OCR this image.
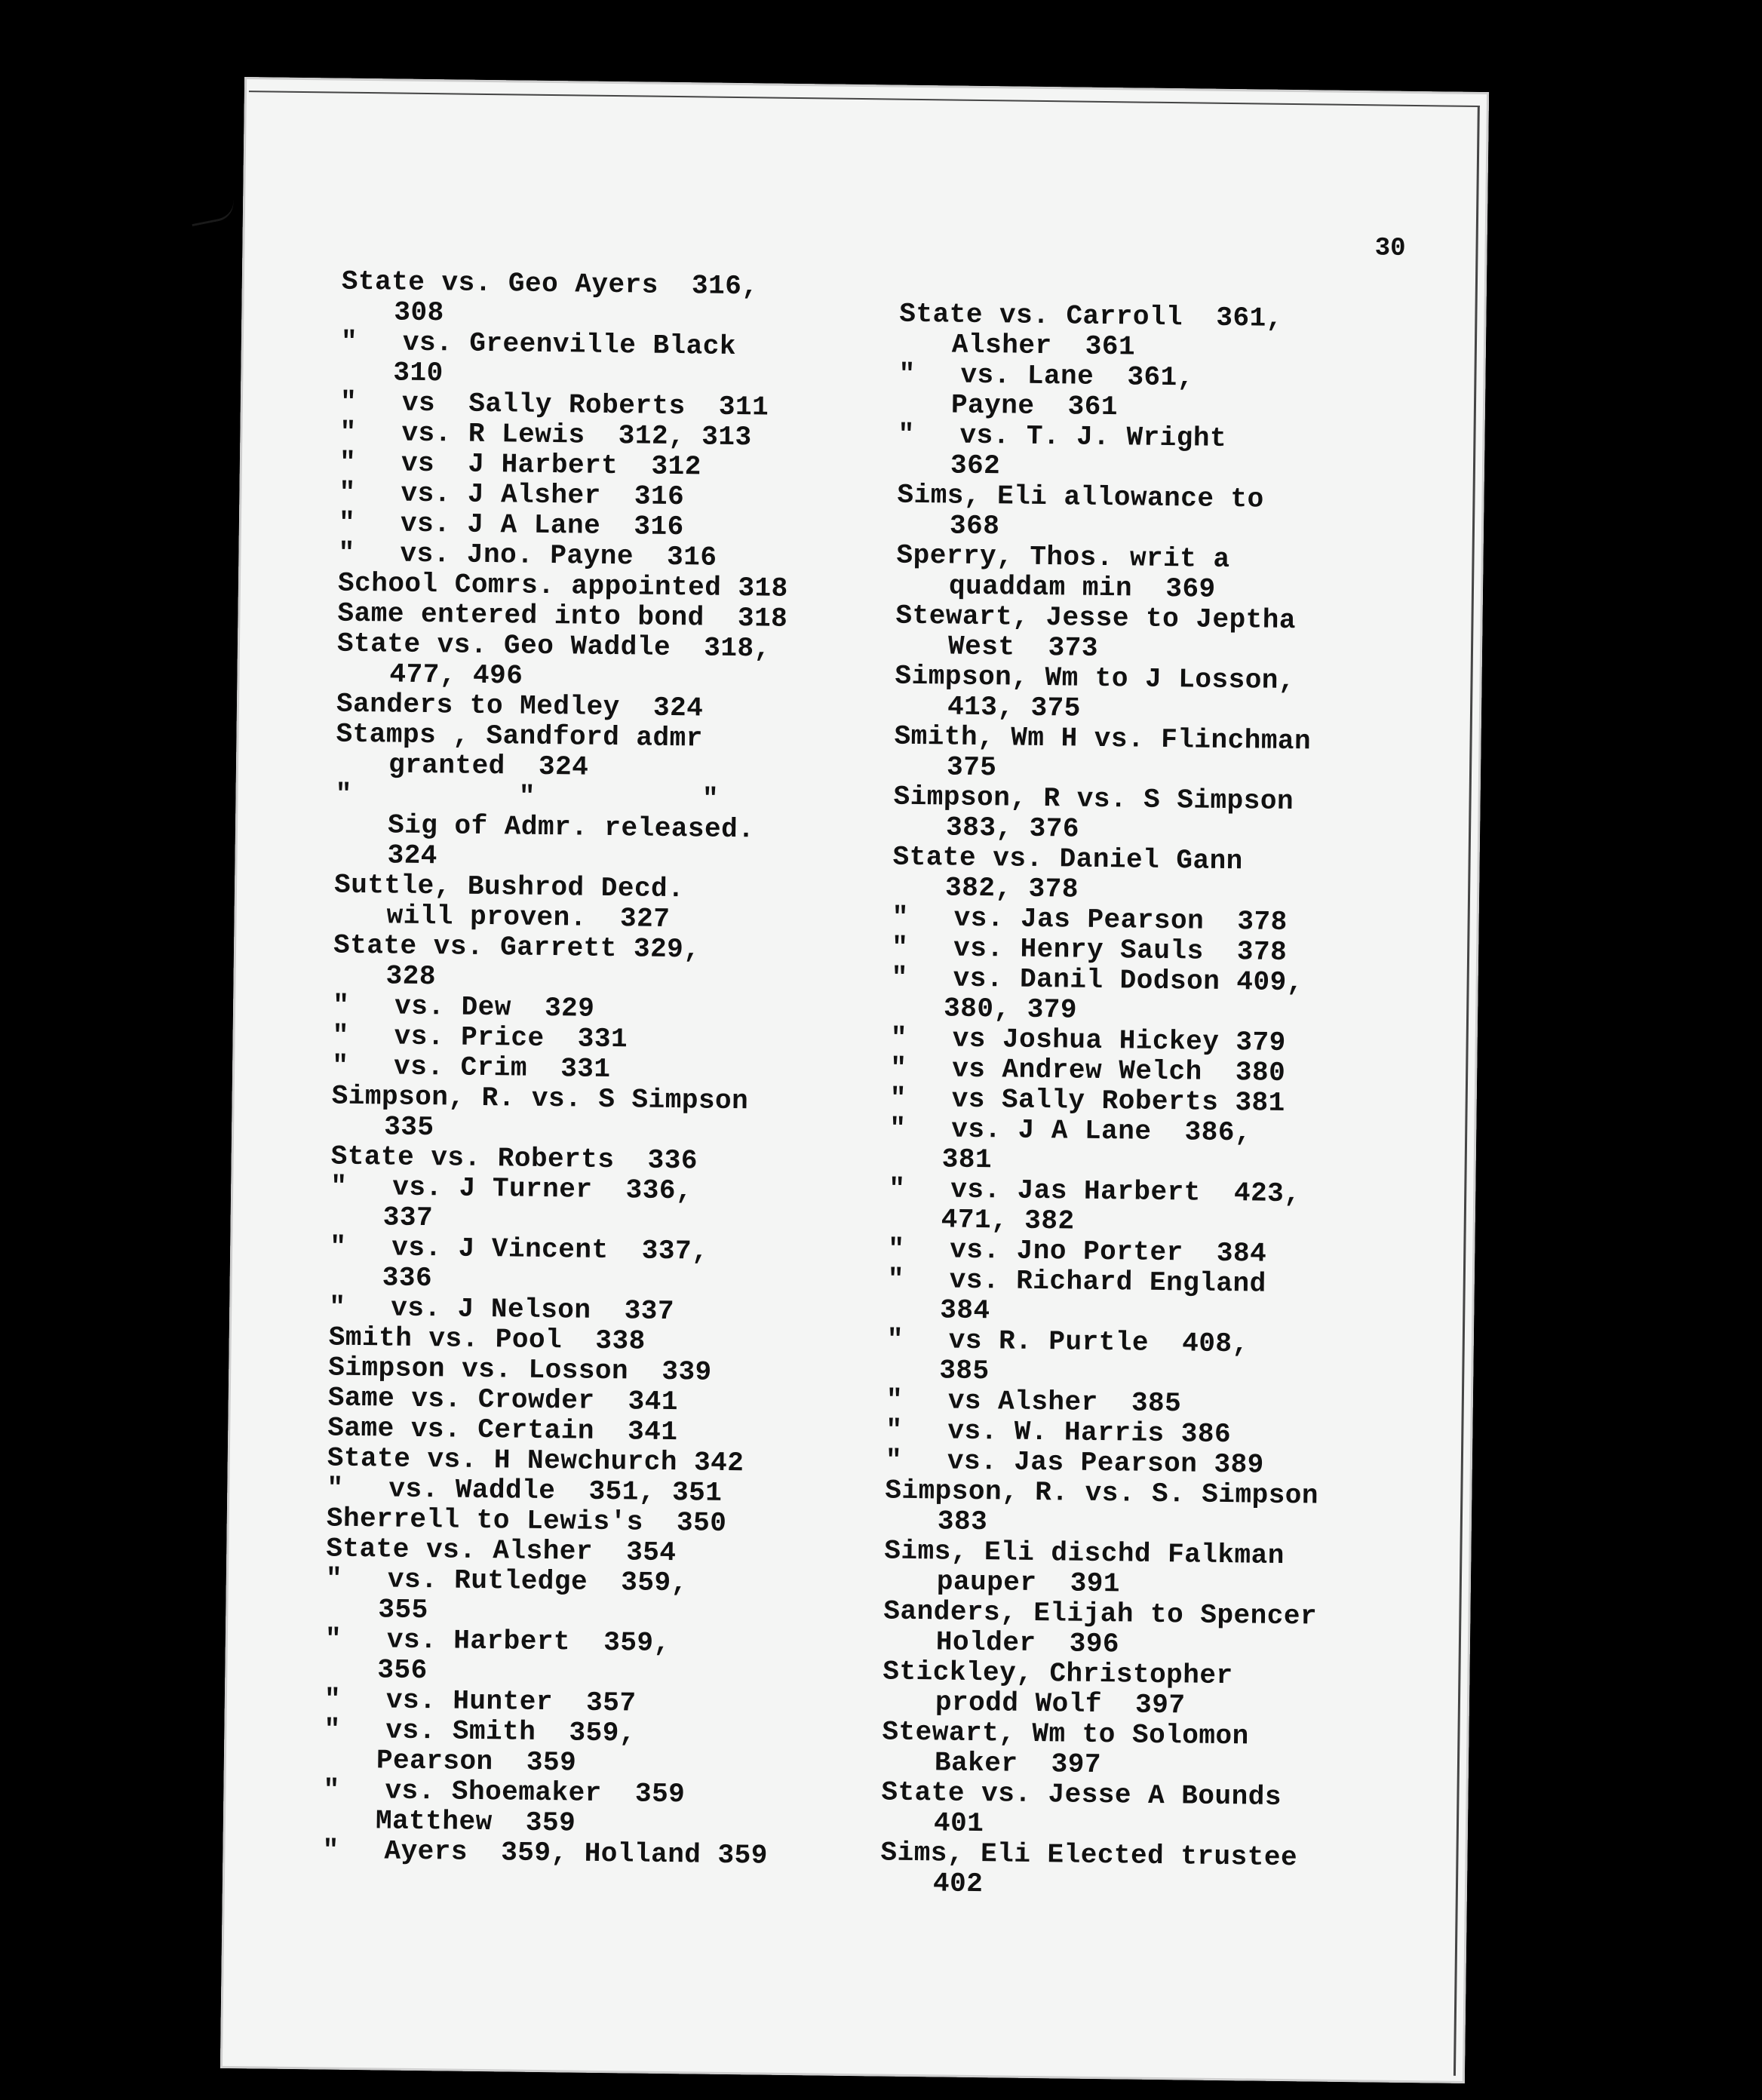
30
State vs. Geo Ayers  316,
308
" vs. Greenville Black
310
" vs  Sally Roberts  311
" vs. R Lewis  312, 313
" vs  J Harbert  312
" vs. J Alsher  316
" vs. J A Lane  316
" vs. Jno. Payne  316
School Comrs. appointed 318
Same entered into bond  318
State vs. Geo Waddle  318,
477, 496
Sanders to Medley  324
Stamps , Sandford admr
granted  324
"          "          "
Sig of Admr. released.
324
Suttle, Bushrod Decd.
will proven.  327
State vs. Garrett 329,
328
" vs. Dew  329
" vs. Price  331
" vs. Crim  331
Simpson, R. vs. S Simpson
335
State vs. Roberts  336
" vs. J Turner  336,
337
" vs. J Vincent  337,
336
" vs. J Nelson  337
Smith vs. Pool  338
Simpson vs. Losson  339
Same vs. Crowder  341
Same vs. Certain  341
State vs. H Newchurch 342
" vs. Waddle  351, 351
Sherrell to Lewis's  350
State vs. Alsher  354
" vs. Rutledge  359,
355
" vs. Harbert  359,
356
" vs. Hunter  357
" vs. Smith  359,
Pearson  359
" vs. Shoemaker  359
Matthew  359
" Ayers  359, Holland 359
State vs. Carroll  361,
Alsher  361
" vs. Lane  361,
Payne  361
" vs. T. J. Wright
362
Sims, Eli allowance to
368
Sperry, Thos. writ a
quaddam min  369
Stewart, Jesse to Jeptha
West  373
Simpson, Wm to J Losson,
413, 375
Smith, Wm H vs. Flinchman
375
Simpson, R vs. S Simpson
383, 376
State vs. Daniel Gann
382, 378
" vs. Jas Pearson  378
" vs. Henry Sauls  378
" vs. Danil Dodson 409,
380, 379
" vs Joshua Hickey 379
" vs Andrew Welch  380
" vs Sally Roberts 381
" vs. J A Lane  386,
381
" vs. Jas Harbert  423,
471, 382
" vs. Jno Porter  384
" vs. Richard England
384
" vs R. Purtle  408,
385
" vs Alsher  385
" vs. W. Harris 386
" vs. Jas Pearson 389
Simpson, R. vs. S. Simpson
383
Sims, Eli dischd Falkman
pauper  391
Sanders, Elijah to Spencer
Holder  396
Stickley, Christopher
prodd Wolf  397
Stewart, Wm to Solomon
Baker  397
State vs. Jesse A Bounds
401
Sims, Eli Elected trustee
402
